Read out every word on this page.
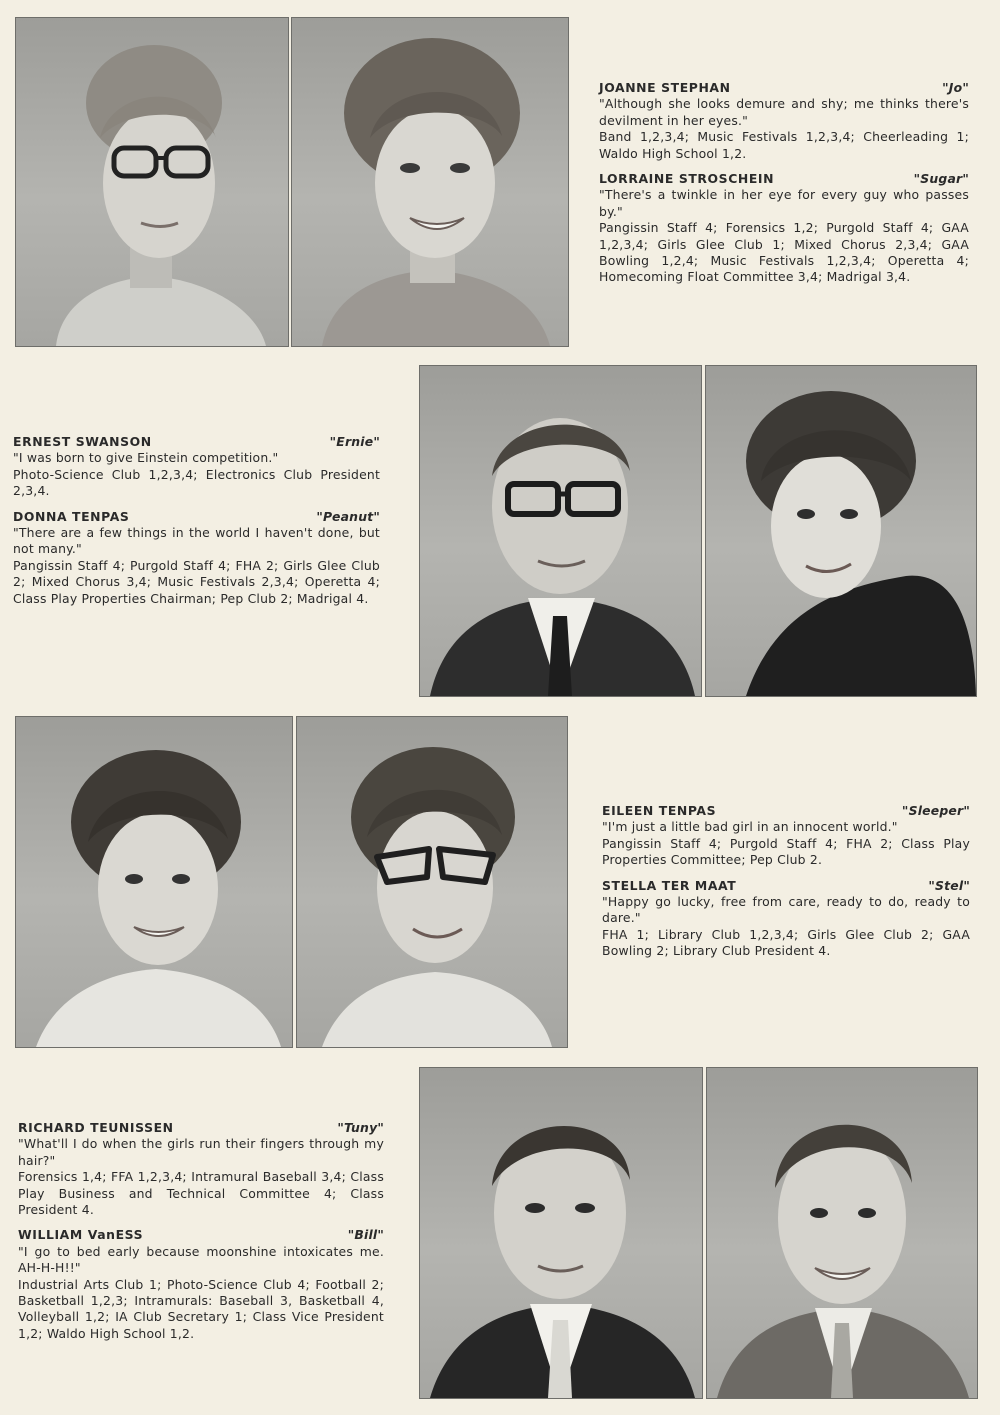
JOANNE STEPHAN	"Jo"

"Although she looks demure and shy; me thinks there's devilment in her eyes."

Band 1,2,3,4; Music Festivals 1,2,3,4; Cheerleading 1; Waldo High School 1,2.

LORRAINE STROSCHEIN	"Sugar"

"There's a twinkle in her eye for every guy who passes by."

Pangissin Staff 4; Forensics 1,2; Purgold Staff 4; GAA 1,2,3,4; Girls Glee Club 1; Mixed Chorus 2,3,4; GAA Bowling 1,2,4; Music Festivals 1,2,3,4; Operetta 4; Homecoming Float Committee 3,4; Madrigal 3,4.

ERNEST SWANSON	"Ernie"

"I was born to give Einstein competition."

Photo-Science Club 1,2,3,4; Electronics Club President 2,3,4.

DONNA TENPAS	"Peanut"

"There are a few things in the world I haven't done, but not many."

Pangissin Staff 4; Purgold Staff 4; FHA 2; Girls Glee Club 2; Mixed Chorus 3,4; Music Festivals 2,3,4; Operetta 4; Class Play Properties Chairman; Pep Club 2; Madrigal 4.

EILEEN TENPAS	"Sleeper"

"I'm just a little bad girl in an innocent world."

Pangissin Staff 4; Purgold Staff 4; FHA 2; Class Play Properties Committee; Pep Club 2.

STELLA TER MAAT	"Stel"

"Happy go lucky, free from care, ready to do, ready to dare."

FHA 1; Library Club 1,2,3,4; Girls Glee Club 2; GAA Bowling 2; Library Club President 4.

RICHARD TEUNISSEN	"Tuny"

"What'll I do when the girls run their fingers through my hair?"

Forensics 1,4; FFA 1,2,3,4; Intramural Baseball 3,4; Class Play Business and Technical Committee 4; Class President 4.

WILLIAM VanESS	"Bill"

"I go to bed early because moonshine intoxicates me. AH-H-H!!"

Industrial Arts Club 1; Photo-Science Club 4; Football 2; Basketball 1,2,3; Intramurals: Baseball 3, Basketball 4, Volleyball 1,2; IA Club Secretary 1; Class Vice President 1,2; Waldo High School 1,2.
